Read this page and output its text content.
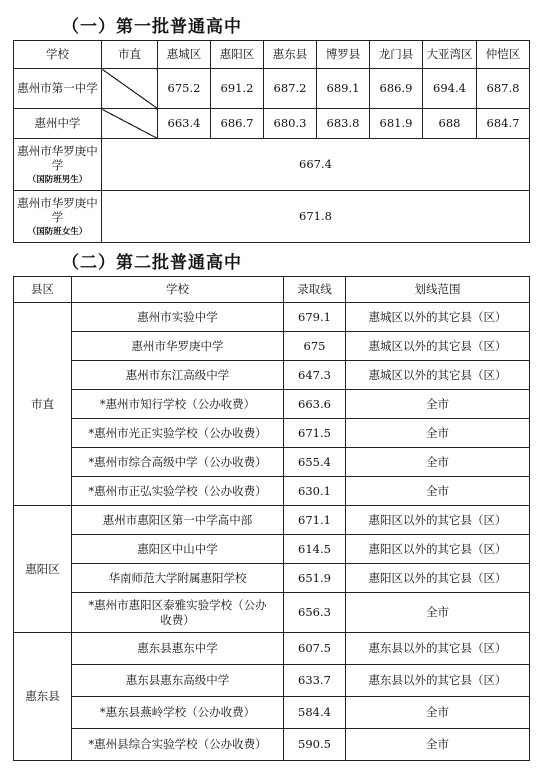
（一）第一批普通高中
学校	市直	惠城区	惠阳区	惠东县	博罗县	龙门县	大亚湾区	仲恺区
惠州市第一中学		675.2	691.2	687.2	689.1	686.9	694.4	687.8
惠州中学		663.4	686.7	680.3	683.8	681.9	688	684.7

惠州市华罗庚中学
（国防班男生）	667.4							

惠州市华罗庚中学
（国防班女生）	671.8							
（二）第二批普通高中
县区	学校	录取线	划线范围
市直	惠州市实验中学	679.1	惠城区以外的其它县（区）
	惠州市华罗庚中学	675	惠城区以外的其它县（区）
	惠州市东江高级中学	647.3	惠城区以外的其它县（区）
	*惠州市知行学校（公办收费）	663.6	全市
	*惠州市光正实验学校（公办收费）	671.5	全市
	*惠州市综合高级中学（公办收费）	655.4	全市
	*惠州市正弘实验学校（公办收费）	630.1	全市
惠阳区	惠州市惠阳区第一中学高中部	671.1	惠阳区以外的其它县（区）
	惠阳区中山中学	614.5	惠阳区以外的其它县（区）
	华南师范大学附属惠阳学校	651.9	惠阳区以外的其它县（区）
	*惠州市惠阳区泰雅实验学校（公办收费）	656.3	全市
惠东县	惠东县惠东中学	607.5	惠东县以外的其它县（区）
	惠东县惠东高级中学	633.7	惠东县以外的其它县（区）
	*惠东县燕岭学校（公办收费）	584.4	全市
	*惠州县综合实验学校（公办收费）	590.5	全市
